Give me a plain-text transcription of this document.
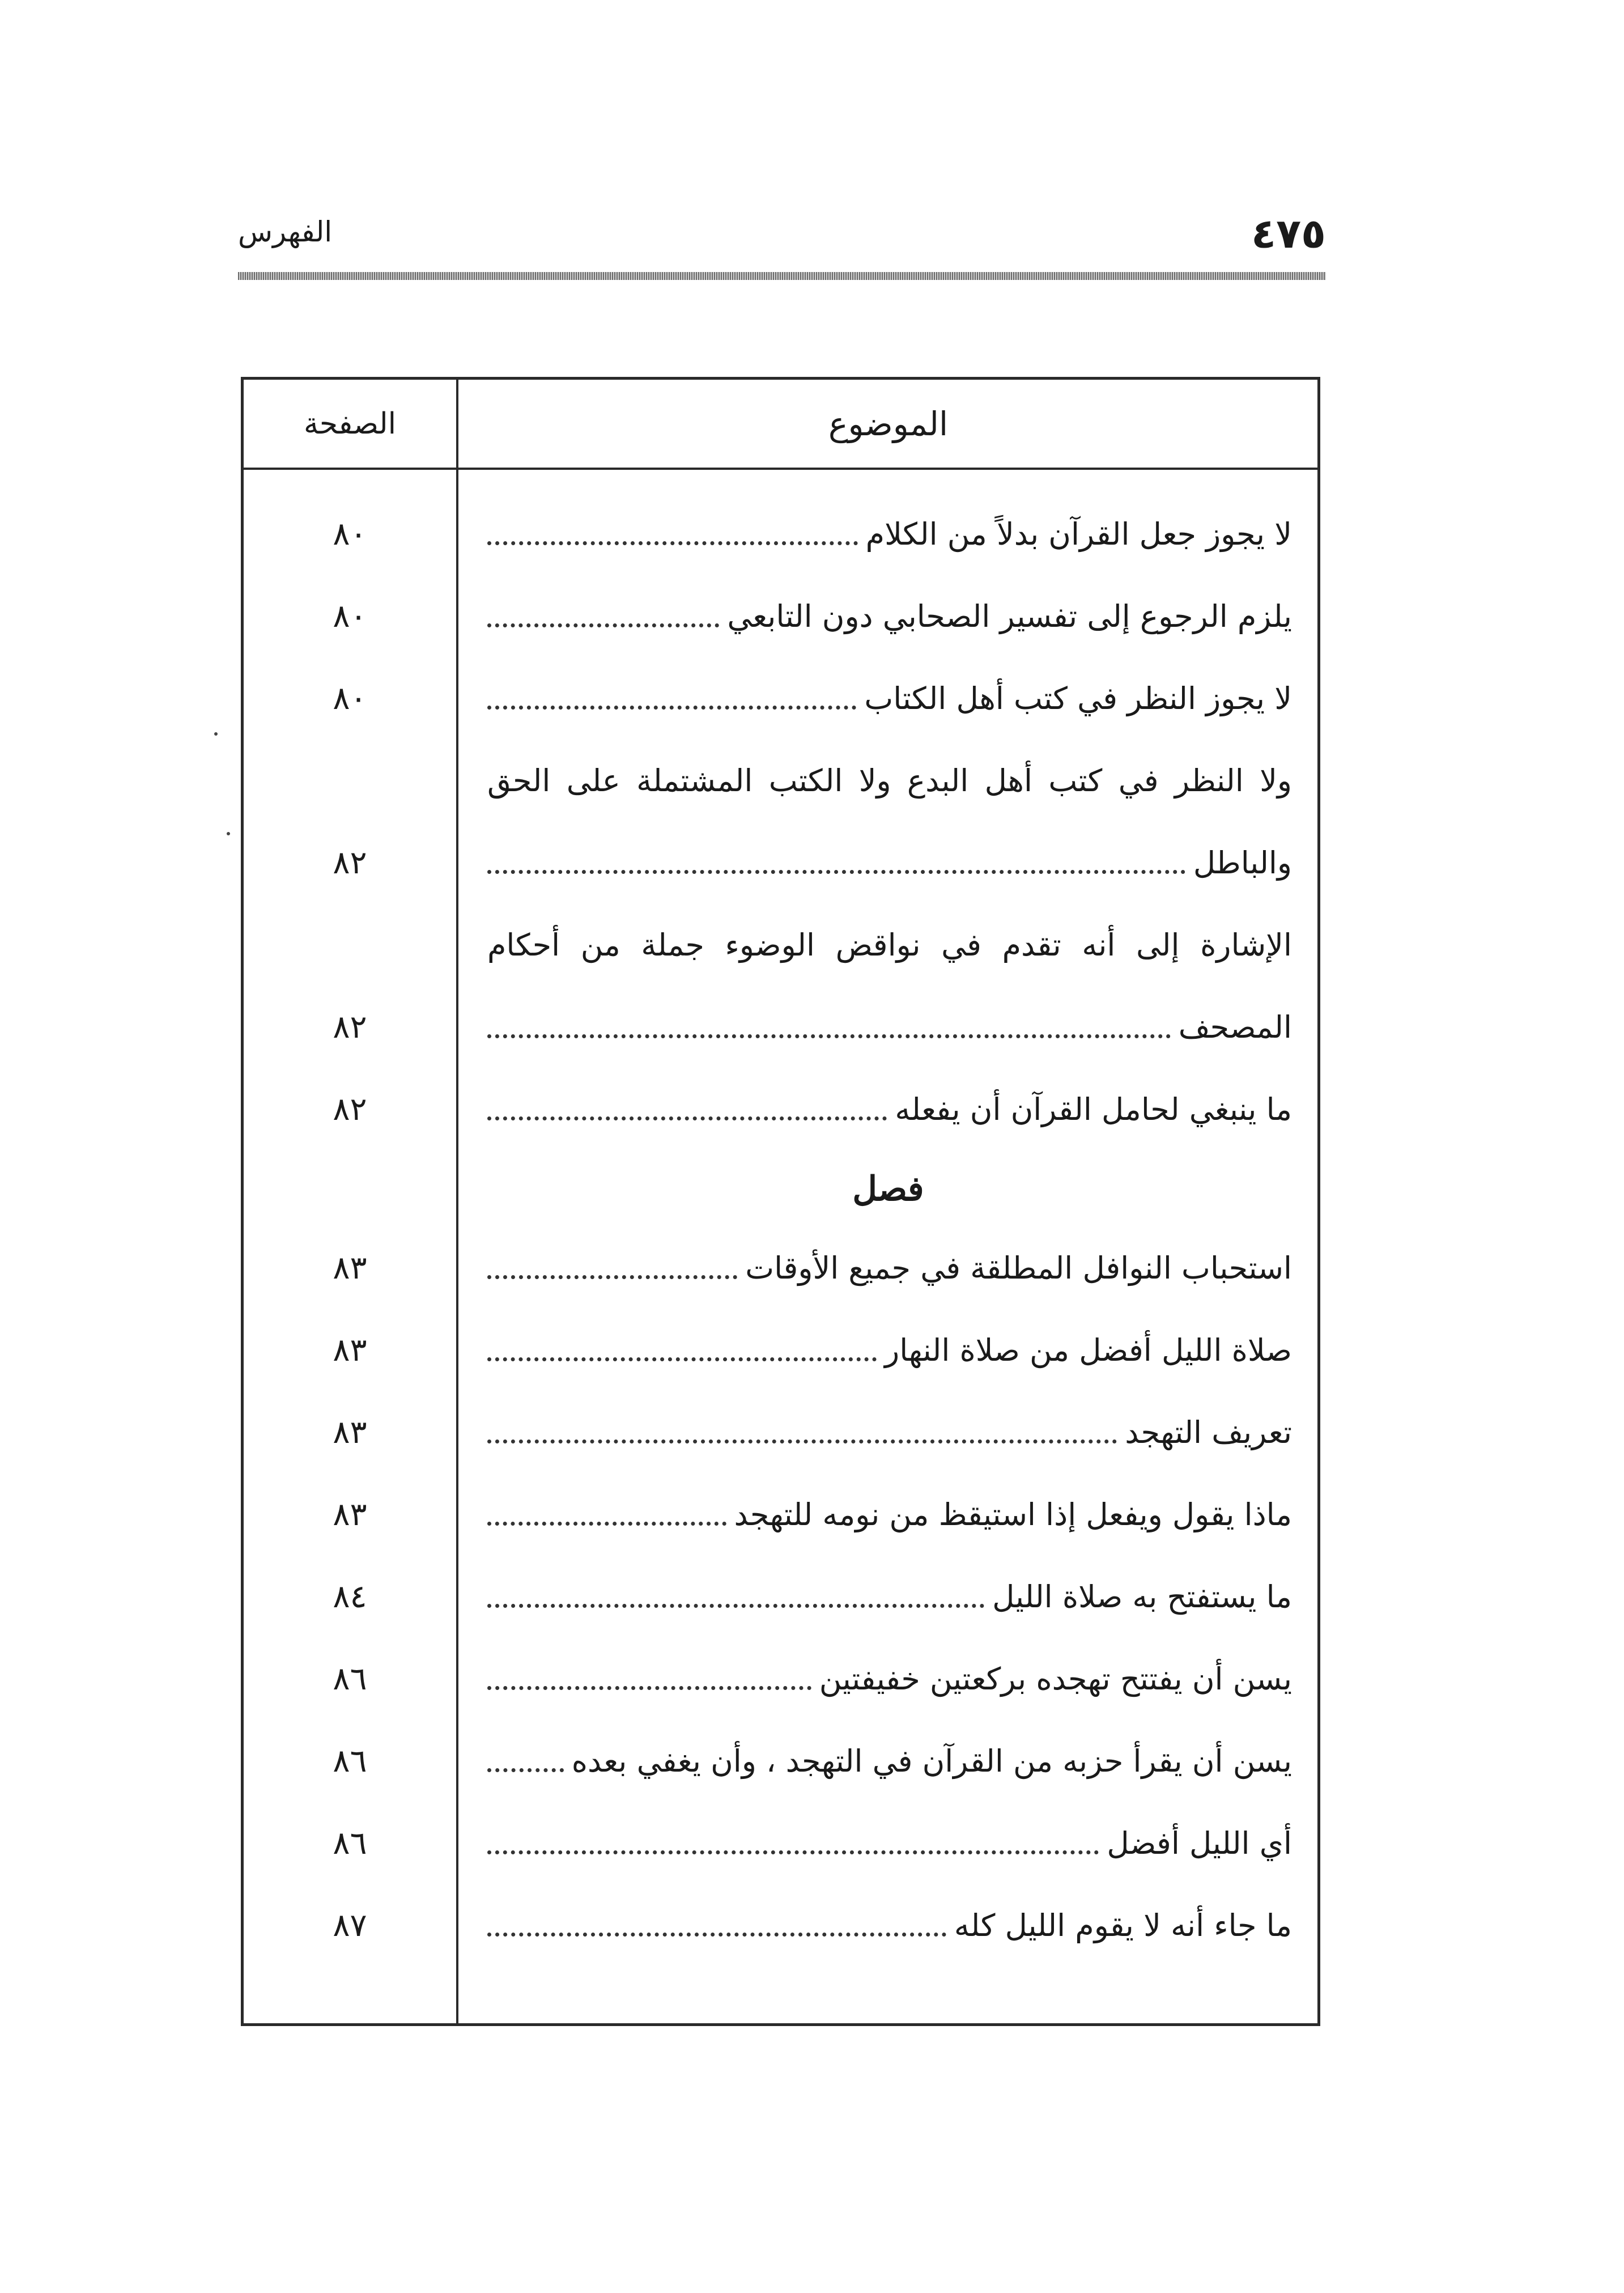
٤٧٥
الفهرس
الموضوع
الصفحة
لا يجوز جعل القرآن بدلاً من الكلام
٨٠
يلزم الرجوع إلى تفسير الصحابي دون التابعي
٨٠
لا يجوز النظر في كتب أهل الكتاب
٨٠
ولا النظر في كتب أهل البدع ولا الكتب المشتملة على الحق
والباطل
٨٢
الإشارة إلى أنه تقدم في نواقض الوضوء جملة من أحكام
المصحف
٨٢
ما ينبغي لحامل القرآن أن يفعله
٨٢
فصل
استحباب النوافل المطلقة في جميع الأوقات
٨٣
صلاة الليل أفضل من صلاة النهار
٨٣
تعريف التهجد
٨٣
ماذا يقول ويفعل إذا استيقظ من نومه للتهجد
٨٣
ما يستفتح به صلاة الليل
٨٤
يسن أن يفتتح تهجده بركعتين خفيفتين
٨٦
يسن أن يقرأ حزبه من القرآن في التهجد ، وأن يغفي بعده
٨٦
أي الليل أفضل
٨٦
ما جاء أنه لا يقوم الليل كله
٨٧
